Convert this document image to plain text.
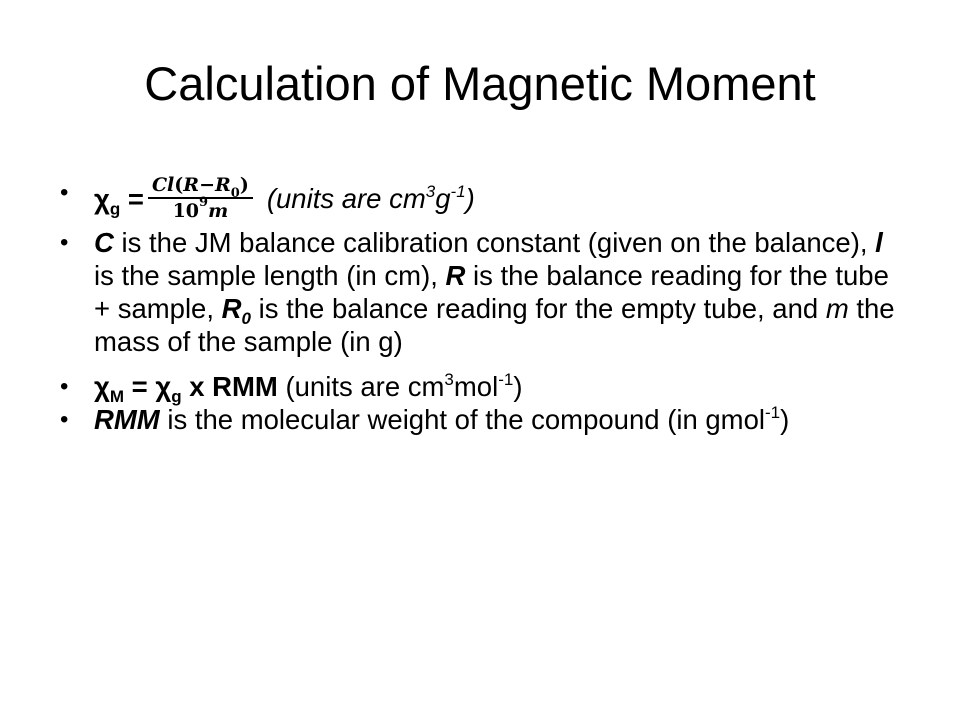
Calculation of Magnetic Moment
• $\chi_g = \frac{Cl(R-R_0)}{10^9m}$ (units are $cm^3g^{-1}$)
• C is the JM balance calibration constant (given on the balance), l is the sample length (in cm), R is the balance reading for the tube + sample, $R_0$ is the balance reading for the empty tube, and m the mass of the sample (in g)
• $\chi_M = \chi_g$ x RMM (units are $cm^3mol^{-1}$)
• RMM is the molecular weight of the compound (in gmol$^{-1}$)
